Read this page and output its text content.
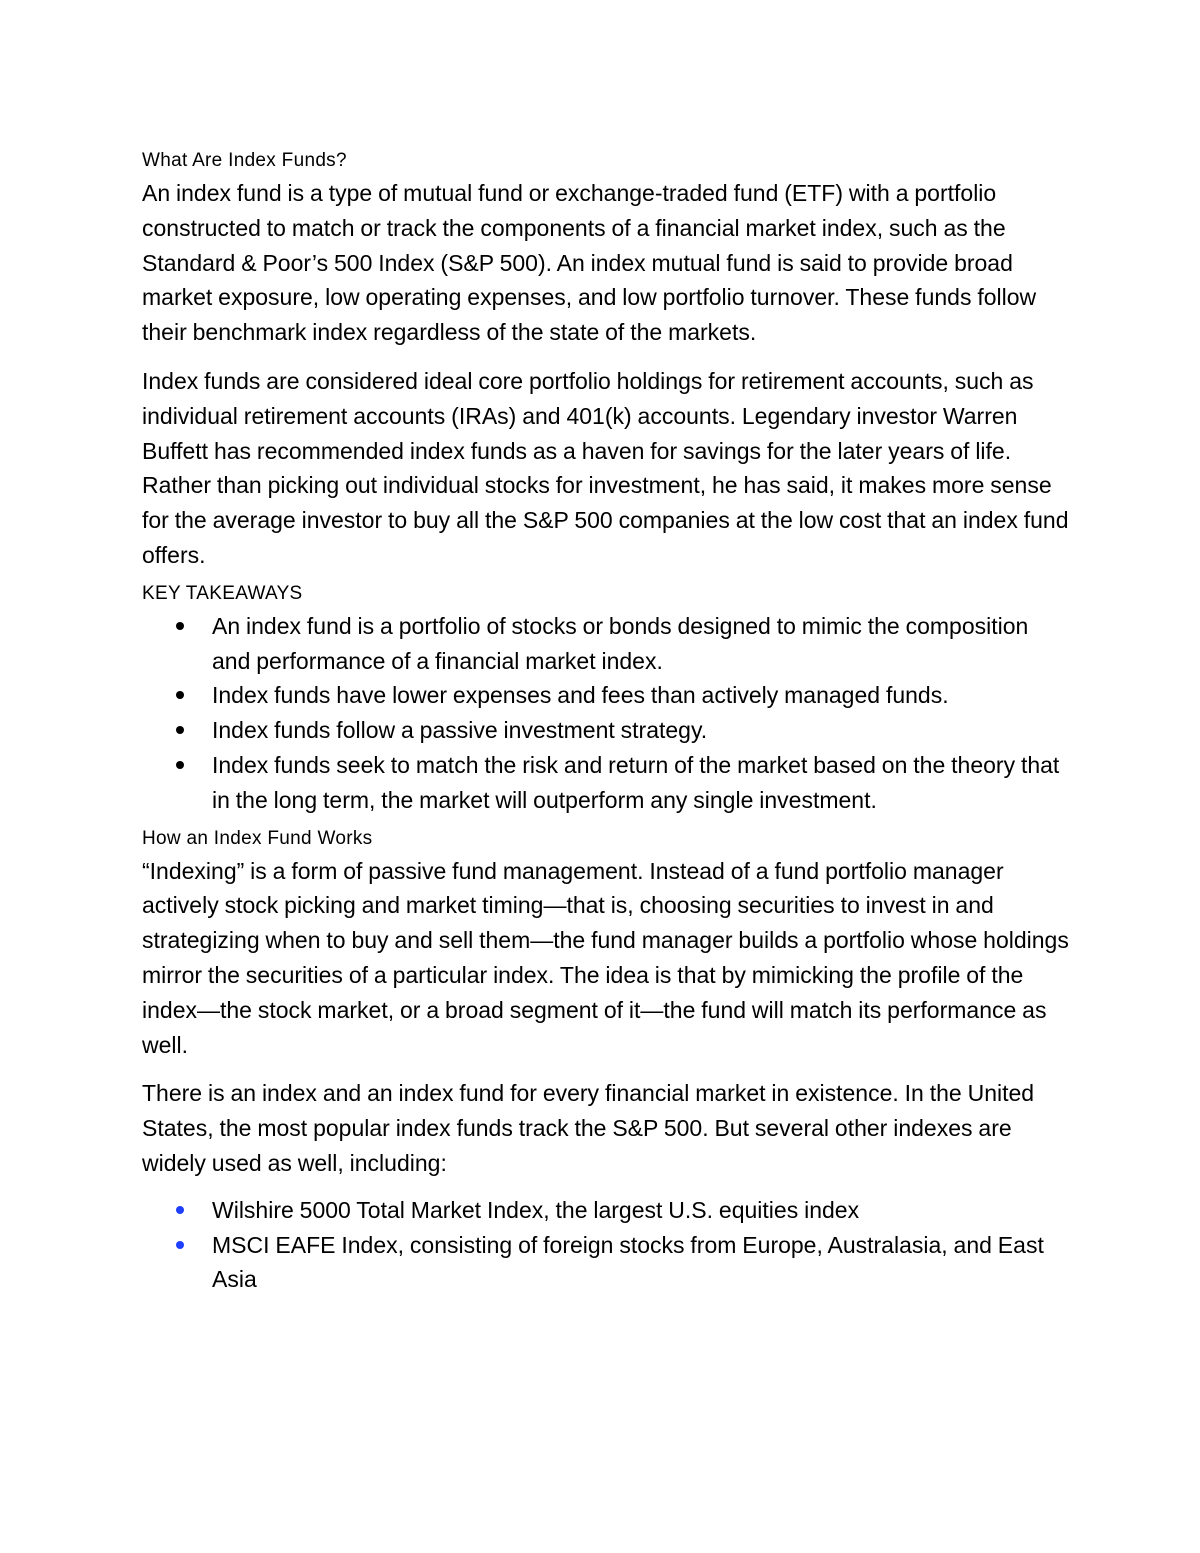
What Are Index Funds?

An index fund is a type of mutual fund or exchange-traded fund (ETF) with a portfolio constructed to match or track the components of a financial market index, such as the Standard & Poor’s 500 Index (S&P 500). An index mutual fund is said to provide broad market exposure, low operating expenses, and low portfolio turnover. These funds follow their benchmark index regardless of the state of the markets.

Index funds are considered ideal core portfolio holdings for retirement accounts, such as individual retirement accounts (IRAs) and 401(k) accounts. Legendary investor Warren Buffett has recommended index funds as a haven for savings for the later years of life. Rather than picking out individual stocks for investment, he has said, it makes more sense for the average investor to buy all the S&P 500 companies at the low cost that an index fund offers.

KEY TAKEAWAYS
An index fund is a portfolio of stocks or bonds designed to mimic the composition and performance of a financial market index.
Index funds have lower expenses and fees than actively managed funds.
Index funds follow a passive investment strategy.
Index funds seek to match the risk and return of the market based on the theory that in the long term, the market will outperform any single investment.
How an Index Fund Works

“Indexing” is a form of passive fund management. Instead of a fund portfolio manager actively stock picking and market timing—that is, choosing securities to invest in and strategizing when to buy and sell them—the fund manager builds a portfolio whose holdings mirror the securities of a particular index. The idea is that by mimicking the profile of the index—the stock market, or a broad segment of it—the fund will match its performance as well.

There is an index and an index fund for every financial market in existence. In the United States, the most popular index funds track the S&P 500. But several other indexes are widely used as well, including:

Wilshire 5000 Total Market Index, the largest U.S. equities index
MSCI EAFE Index, consisting of foreign stocks from Europe, Australasia, and East Asia
